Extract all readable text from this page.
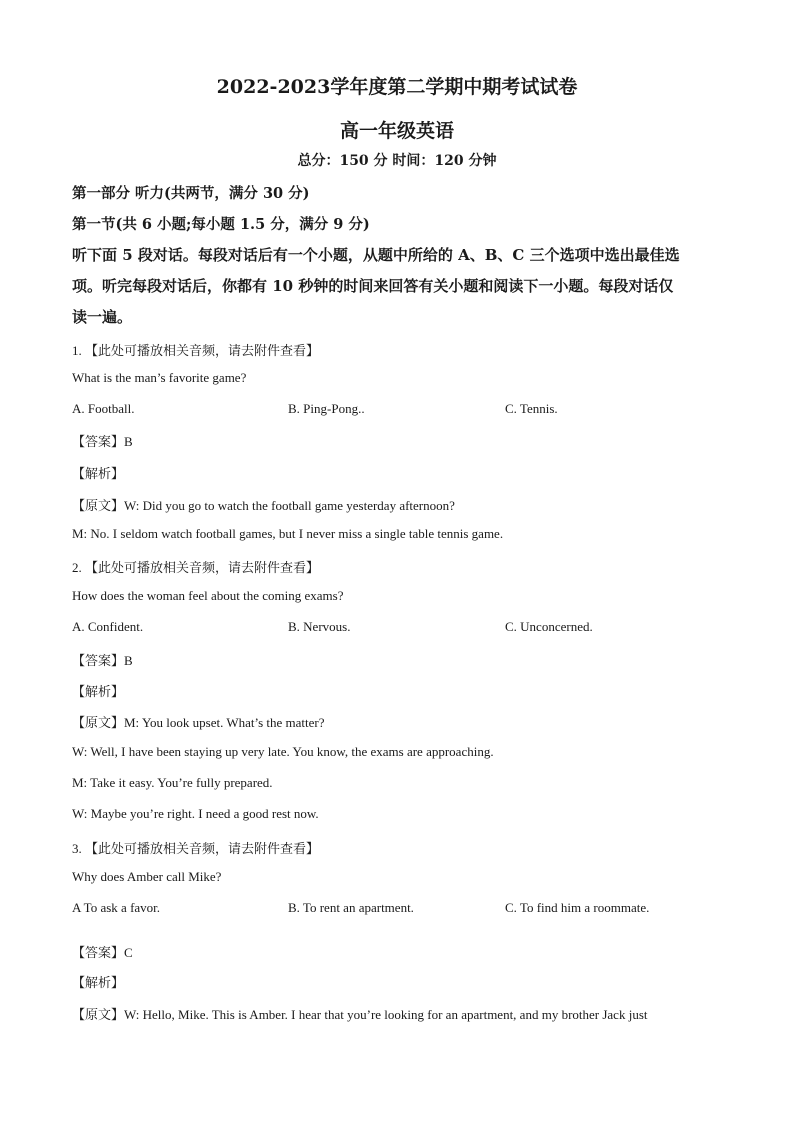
2022-2023学年度第二学期中期考试试卷
高一年级英语
总分：150 分 时间：120 分钟
第一部分 听力(共两节，满分 30 分)
第一节(共 6 小题;每小题 1.5 分，满分 9 分)
听下面 5 段对话。每段对话后有一个小题，从题中所给的 A、B、C 三个选项中选出最佳选
项。听完每段对话后，你都有 10 秒钟的时间来回答有关小题和阅读下一小题。每段对话仅
读一遍。
1. 【此处可播放相关音频，请去附件查看】
What is the man’s favorite game?
A. Football.	B. Ping-Pong..	C. Tennis.
【答案】B
【解析】
【原文】W: Did you go to watch the football game yesterday afternoon?
M: No. I seldom watch football games, but I never miss a single table tennis game.
2. 【此处可播放相关音频，请去附件查看】
How does the woman feel about the coming exams?
A. Confident.	B. Nervous.	C. Unconcerned.
【答案】B
【解析】
【原文】M: You look upset. What’s the matter?
W: Well, I have been staying up very late. You know, the exams are approaching.
M: Take it easy. You’re fully prepared.
W: Maybe you’re right. I need a good rest now.
3. 【此处可播放相关音频，请去附件查看】
Why does Amber call Mike?
A To ask a favor.	B. To rent an apartment.	C. To find him a roommate.
【答案】C
【解析】
【原文】W: Hello, Mike. This is Amber. I hear that you’re looking for an apartment, and my brother Jack just
